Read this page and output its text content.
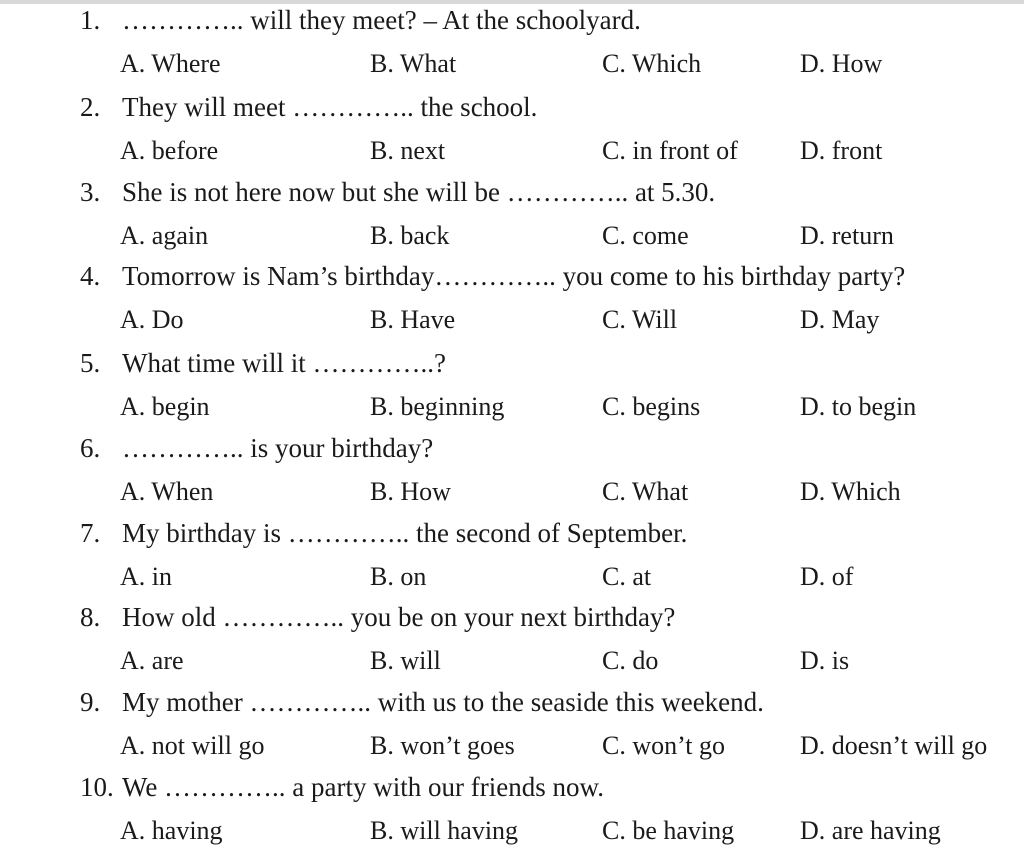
1. ………….. will they meet? – At the schoolyard.
A. Where	B. What	C. Which	D. How
2. They will meet ………….. the school.
A. before	B. next	C. in front of D. front
3. She is not here now but she will be ………….. at 5.30.
A. again	B. back	C. come	D. return
4. Tomorrow is Nam’s birthday………….. you come to his birthday party?
A. Do	B. Have	C. Will	D. May
5. What time will it …………..?
A. begin	B. beginning	C. begins	D. to begin
6. ………….. is your birthday?
A. When	B. How	C. What	D. Which
7. My birthday is ………….. the second of September.
A. in	B. on	C. at	D. of
8. How old ………….. you be on your next birthday?
A. are	B. will	C. do	D. is
9. My mother ………….. with us to the seaside this weekend.
A. not will go	B. won’t goes	C. won’t go	D. doesn’t will go
10. We ………….. a party with our friends now.
A. having	B. will having	C. be having	D. are having
